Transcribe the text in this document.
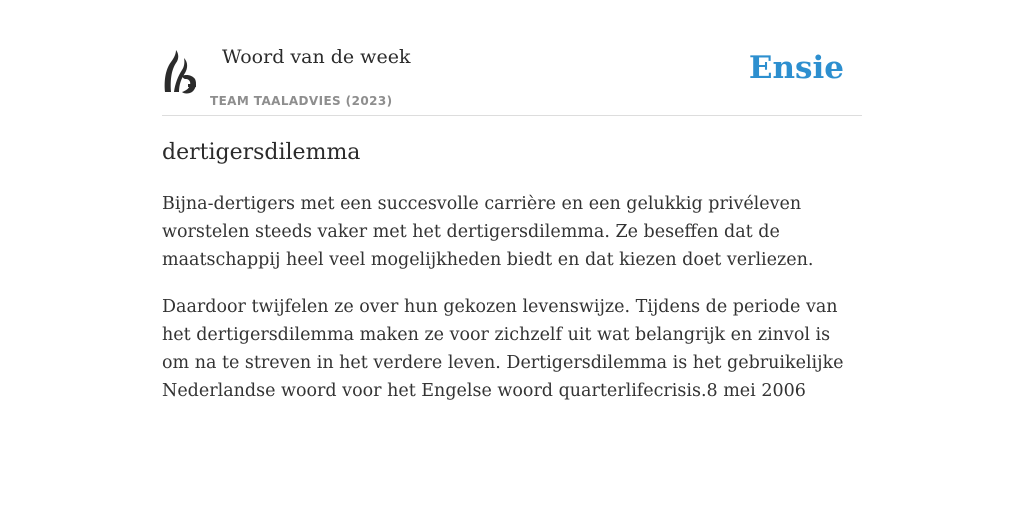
Woord van de week
TEAM TAALADVIES (2023)
Ensie
dertigersdilemma

Bijna-dertigers met een succesvolle carrière en een gelukkig privéleven worstelen steeds vaker met het dertigersdilemma. Ze beseffen dat de maatschappij heel veel mogelijkheden biedt en dat kiezen doet verliezen.

Daardoor twijfelen ze over hun gekozen levenswijze. Tijdens de periode van het dertigersdilemma maken ze voor zichzelf uit wat belangrijk en zinvol is om na te streven in het verdere leven. Dertigersdilemma is het gebruikelijke Nederlandse woord voor het Engelse woord quarterlifecrisis.8 mei 2006
